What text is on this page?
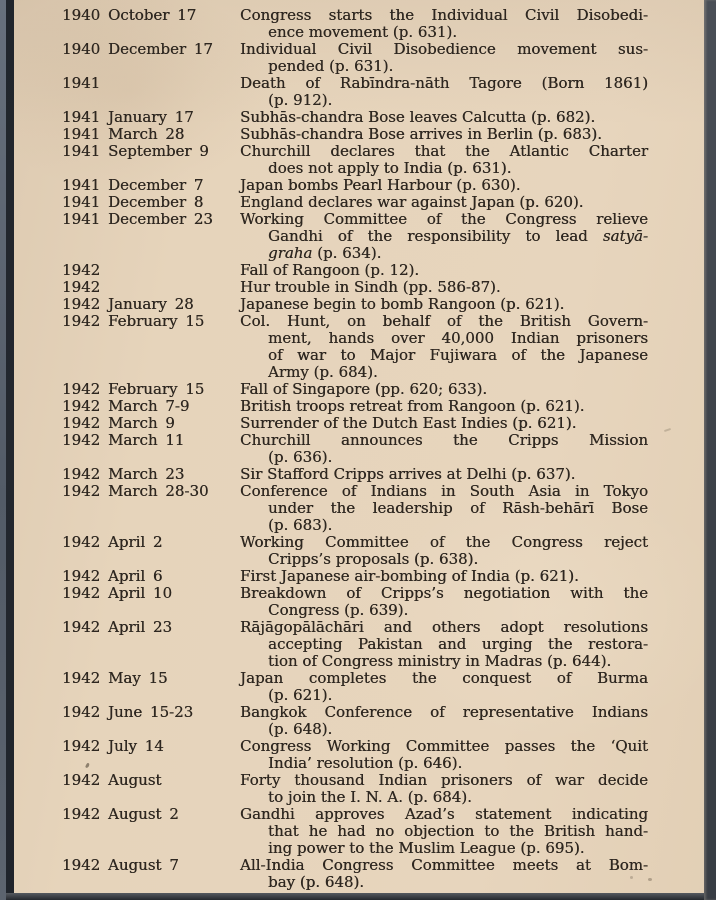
1940 October 17	Congress starts the Individual Civil Disobedi-
ence movement (p. 631).
1940 December 17	Individual Civil Disobedience movement sus-
pended (p. 631).
1941	Death of Rabīndra-nāth Tagore (Born 1861)
(p. 912).
1941 January 17	Subhās-chandra Bose leaves Calcutta (p. 682).
1941 March 28	Subhās-chandra Bose arrives in Berlin (p. 683).
1941 September 9	Churchill declares that the Atlantic Charter
does not apply to India (p. 631).
1941 December 7	Japan bombs Pearl Harbour (p. 630).
1941 December 8	England declares war against Japan (p. 620).
1941 December 23	Working Committee of the Congress relieve
Gandhi of the responsibility to lead satyā-
graha (p. 634).
1942	Fall of Rangoon (p. 12).
1942	Hur trouble in Sindh (pp. 586-87).
1942 January 28	Japanese begin to bomb Rangoon (p. 621).
1942 February 15	Col. Hunt, on behalf of the British Govern-
ment, hands over 40,000 Indian prisoners
of war to Major Fujiwara of the Japanese
Army (p. 684).
1942 February 15	Fall of Singapore (pp. 620; 633).
1942 March 7-9	British troops retreat from Rangoon (p. 621).
1942 March 9	Surrender of the Dutch East Indies (p. 621).
1942 March 11	Churchill announces the Cripps Mission
(p. 636).
1942 March 23	Sir Stafford Cripps arrives at Delhi (p. 637).
1942 March 28-30	Conference of Indians in South Asia in Tokyo
under the leadership of Rāsh-behārī Bose
(p. 683).
1942 April 2	Working Committee of the Congress reject
Cripps’s proposals (p. 638).
1942 April 6	First Japanese air-bombing of India (p. 621).
1942 April 10	Breakdown of Cripps’s negotiation with the
Congress (p. 639).
1942 April 23	Rājāgopālāchāri and others adopt resolutions
accepting Pakistan and urging the restora-
tion of Congress ministry in Madras (p. 644).
1942 May 15	Japan completes the conquest of Burma
(p. 621).
1942 June 15-23	Bangkok Conference of representative Indians
(p. 648).
1942 July 14	Congress Working Committee passes the ‘Quit
India’ resolution (p. 646).
1942 August	Forty thousand Indian prisoners of war decide
to join the I. N. A. (p. 684).
1942 August 2	Gandhi approves Azad’s statement indicating
that he had no objection to the British hand-
ing power to the Muslim League (p. 695).
1942 August 7	All-India Congress Committee meets at Bom-
bay (p. 648).
